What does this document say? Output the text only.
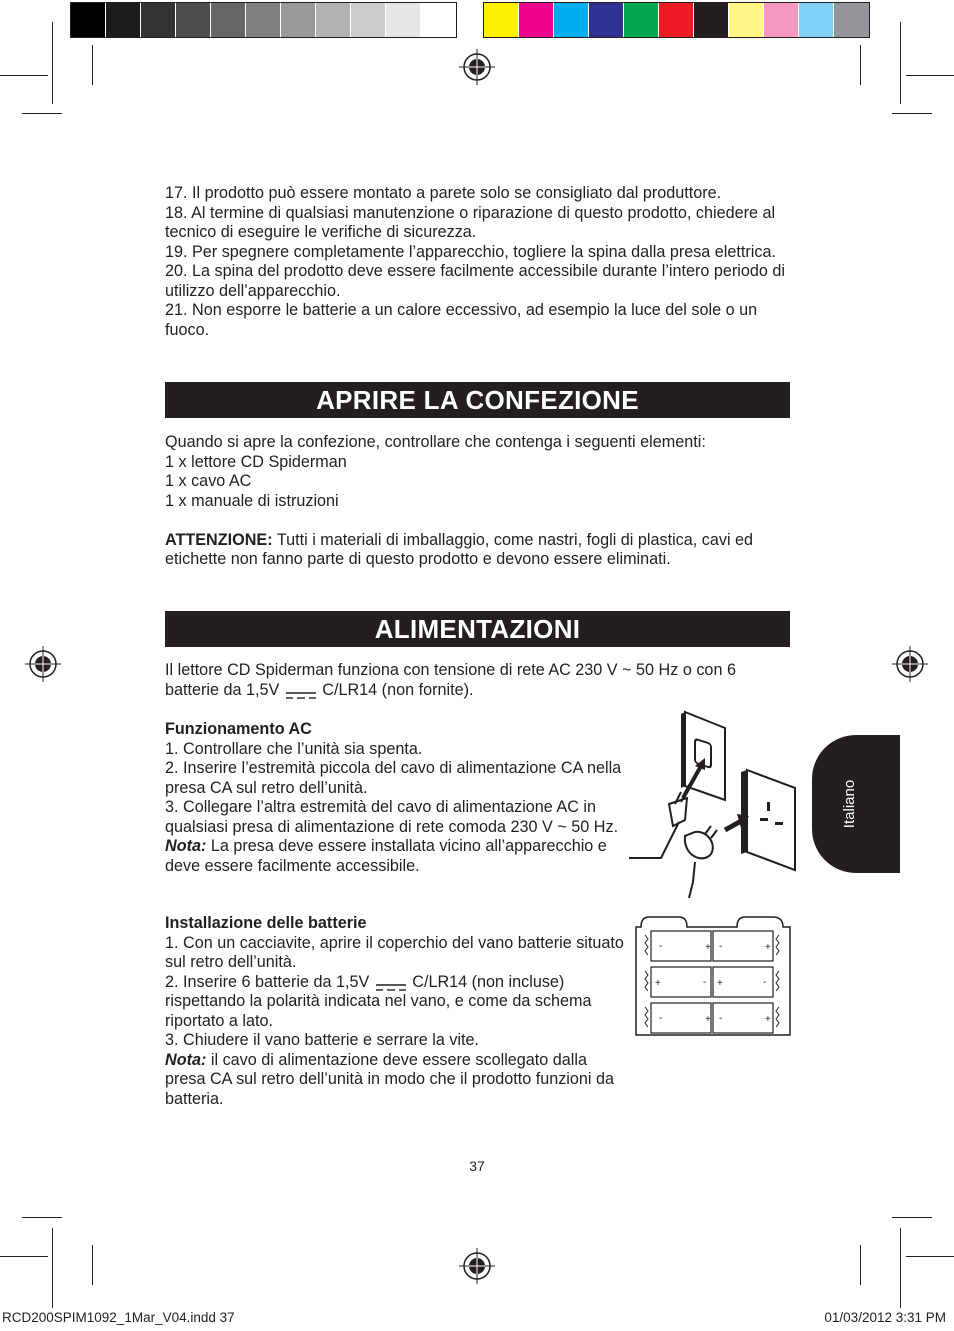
17. Il prodotto può essere montato a parete solo se consigliato dal produttore.

18. Al termine di qualsiasi manutenzione o riparazione di questo prodotto, chiedere al tecnico di eseguire le verifiche di sicurezza.

19. Per spegnere completamente l’apparecchio, togliere la spina dalla presa elettrica.

20. La spina del prodotto deve essere facilmente accessibile durante l’intero periodo di utilizzo dell’apparecchio.

21. Non esporre le batterie a un calore eccessivo, ad esempio la luce del sole o un fuoco.

APRIRE LA CONFEZIONE

Quando si apre la confezione, controllare che contenga i seguenti elementi:

1 x lettore CD Spiderman

1 x cavo AC

1 x manuale di istruzioni

ATTENZIONE: Tutti i materiali di imballaggio, come nastri, fogli di plastica, cavi ed etichette non fanno parte di questo prodotto e devono essere eliminati.

ALIMENTAZIONI

Il lettore CD Spiderman funziona con tensione di rete AC 230 V ~ 50 Hz o con 6 batterie da 1,5V	C/LR14 (non fornite).

Funzionamento AC

1. Controllare che l’unità sia spenta.

2. Inserire l’estremità piccola del cavo di alimentazione CA nella presa CA sul retro dell’unità.

3. Collegare l’altra estremità del cavo di alimentazione AC in qualsiasi presa di alimentazione di rete comoda 230 V ~ 50 Hz.

Nota: La presa deve essere installata vicino all’apparecchio e deve essere facilmente accessibile.

Installazione delle batterie

1. Con un cacciavite, aprire il coperchio del vano batterie situato sul retro dell’unità.

2. Inserire 6 batterie da 1,5V	C/LR14 (non incluse) rispettando la polarità indicata nel vano, e come da schema riportato a lato.

3. Chiudere il vano batterie e serrare la vite.

Nota: il cavo di alimentazione deve essere scollegato dalla presa CA sul retro dell’unità in modo che il prodotto funzioni da batteria.

-	+ -	+
+	- +	-
-	+ -	+
Italiano
37
RCD200SPIM1092_1Mar_V04.indd 37	01/03/2012 3:31 PM
